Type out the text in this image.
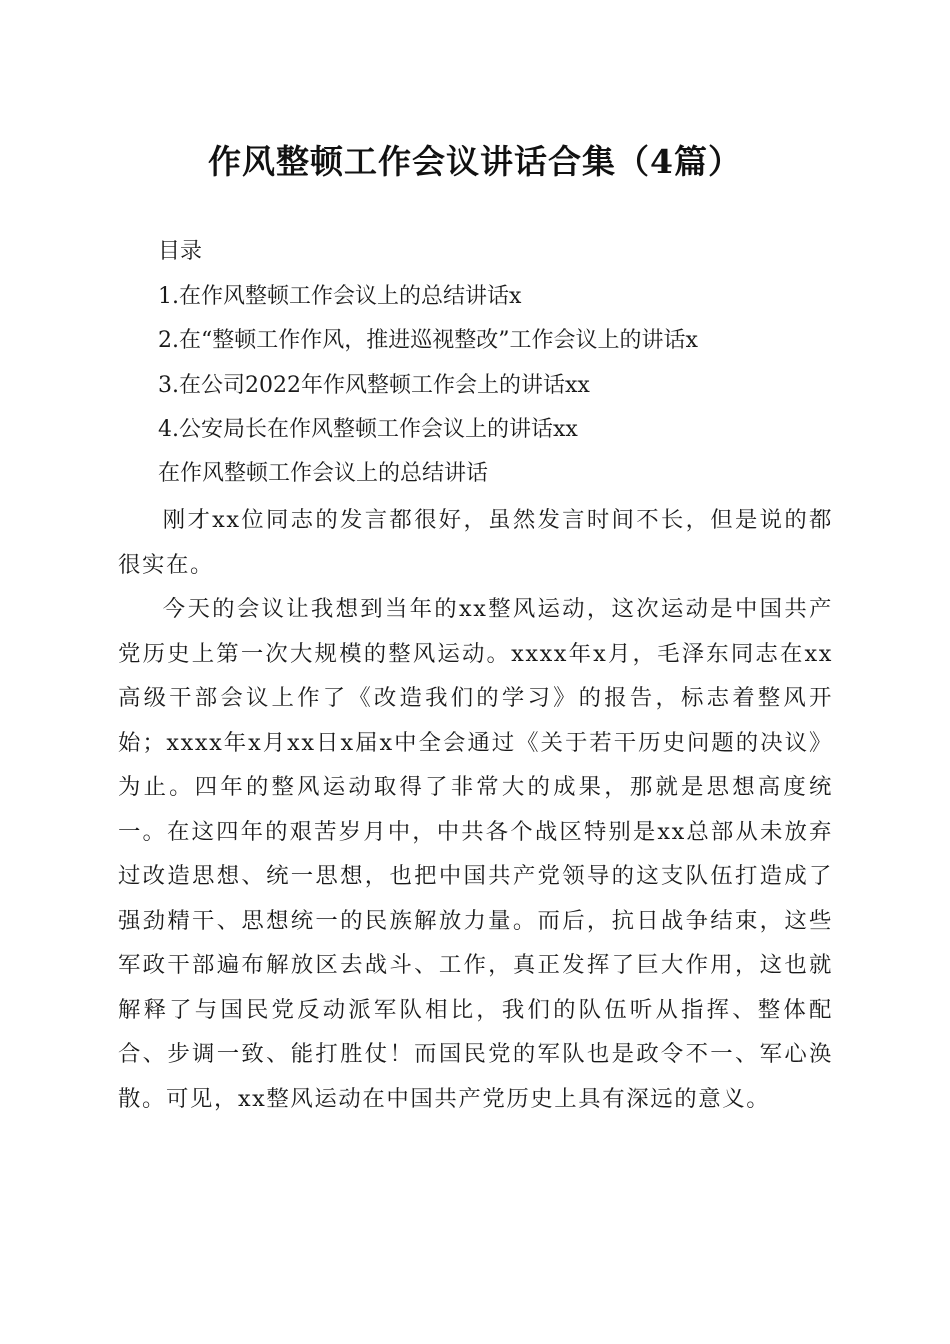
作风整顿工作会议讲话合集（4篇）
目录
1.在作风整顿工作会议上的总结讲话x
2.在“整顿工作作风，推进巡视整改”工作会议上的讲话x
3.在公司2022年作风整顿工作会上的讲话xx
4.公安局长在作风整顿工作会议上的讲话xx
在作风整顿工作会议上的总结讲话

刚才xx位同志的发言都很好，虽然发言时间不长，但是说的都很实在。

今天的会议让我想到当年的xx整风运动，这次运动是中国共产党历史上第一次大规模的整风运动。xxxx年x月，毛泽东同志在xx高级干部会议上作了《改造我们的学习》的报告，标志着整风开始；xxxx年x月xx日x届x中全会通过《关于若干历史问题的决议》为止。四年的整风运动取得了非常大的成果，那就是思想高度统一。在这四年的艰苦岁月中，中共各个战区特别是xx总部从未放弃过改造思想、统一思想，也把中国共产党领导的这支队伍打造成了强劲精干、思想统一的民族解放力量。而后，抗日战争结束，这些军政干部遍布解放区去战斗、工作，真正发挥了巨大作用，这也就解释了与国民党反动派军队相比，我们的队伍听从指挥、整体配合、步调一致、能打胜仗！而国民党的军队也是政令不一、军心涣散。可见，xx整风运动在中国共产党历史上具有深远的意义。
